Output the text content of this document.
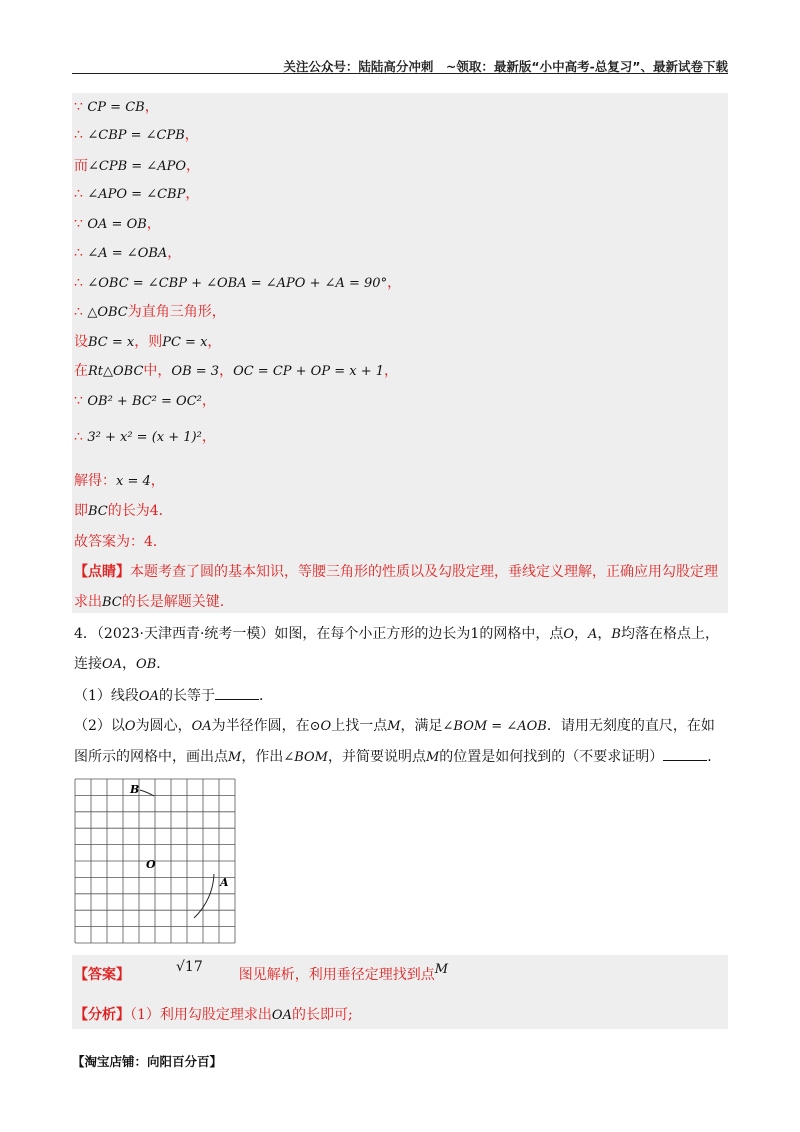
关注公众号：陆陆高分冲刺　~领取：最新版“小中高考-总复习”、最新试卷下载
∵ CP = CB，
∴ ∠CBP = ∠CPB，
而∠CPB = ∠APO，
∴ ∠APO = ∠CBP，
∵ OA = OB，
∴ ∠A = ∠OBA，
∴ ∠OBC = ∠CBP + ∠OBA = ∠APO + ∠A = 90°，
∴ △OBC为直角三角形，
设BC = x，则PC = x，
在Rt△OBC中，OB = 3，OC = CP + OP = x + 1，
∵ OB² + BC² = OC²，
∴ 3² + x² = (x + 1)²，
解得：x = 4，
即BC的长为4．
故答案为：4．
【点睛】本题考查了圆的基本知识，等腰三角形的性质以及勾股定理，垂线定义理解，正确应用勾股定理
求出BC的长是解题关键.
4．（2023·天津西青·统考一模）如图，在每个小正方形的边长为1的网格中，点O，A，B均落在格点上，
连接OA，OB．
（1）线段OA的长等于	．
（2）以O为圆心，OA为半径作圆，在⊙O上找一点M，满足∠BOM = ∠AOB．请用无刻度的直尺，在如
图所示的网格中，画出点M，作出∠BOM，并简要说明点M的位置是如何找到的（不要求证明）	．
B
O
A
【答案】	√17	图见解析，利用垂径定理找到点M
【分析】（1）利用勾股定理求出OA的长即可;
【淘宝店铺：向阳百分百】
